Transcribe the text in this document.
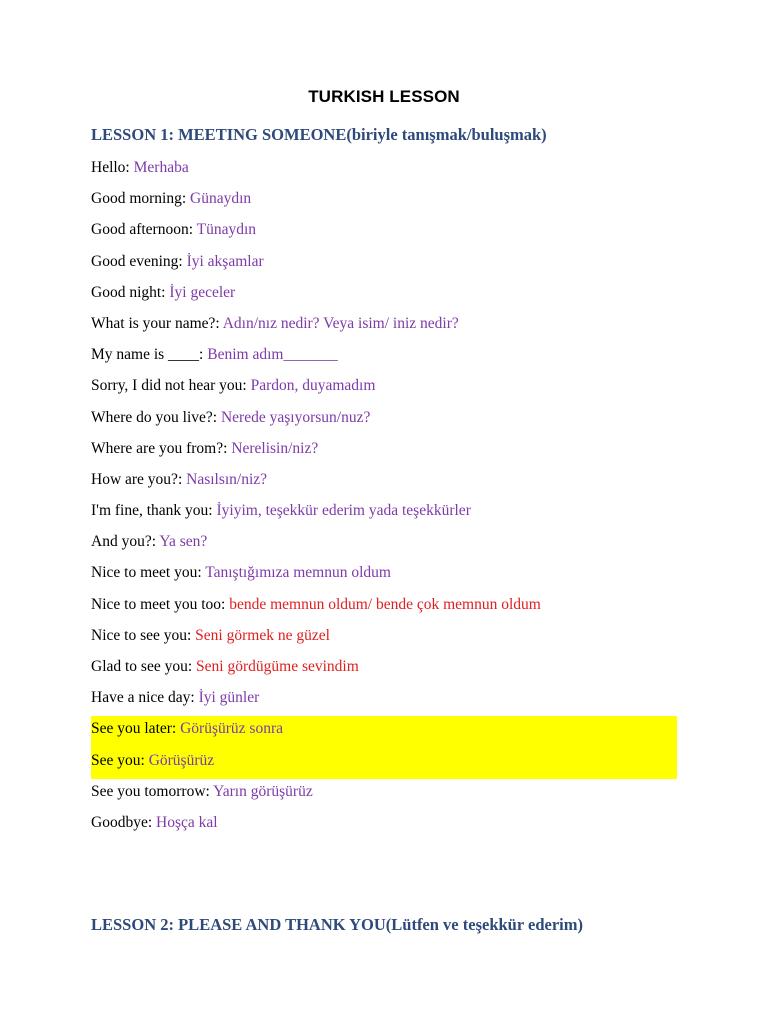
TURKISH LESSON
LESSON 1: MEETING SOMEONE(biriyle tanışmak/buluşmak)
Hello: Merhaba
Good morning: Günaydın
Good afternoon: Tünaydın
Good evening: İyi akşamlar
Good night: İyi geceler
What is your name?: Adın/nız nedir? Veya isim/ iniz nedir?
My name is ____: Benim adım_______
Sorry, I did not hear you: Pardon, duyamadım
Where do you live?: Nerede yaşıyorsun/nuz?
Where are you from?: Nerelisin/niz?
How are you?: Nasılsın/niz?
I'm fine, thank you: İyiyim, teşekkür ederim yada teşekkürler
And you?: Ya sen?
Nice to meet you: Tanıştığımıza memnun oldum
Nice to meet you too: bende memnun oldum/ bende çok memnun oldum
Nice to see you: Seni görmek ne güzel
Glad to see you: Seni gördügüme sevindim
Have a nice day: İyi günler
See you later: Görüşürüz sonra
See you: Görüşürüz
See you tomorrow: Yarın görüşürüz
Goodbye: Hoşça kal
LESSON 2: PLEASE AND THANK YOU(Lütfen ve teşekkür ederim)
